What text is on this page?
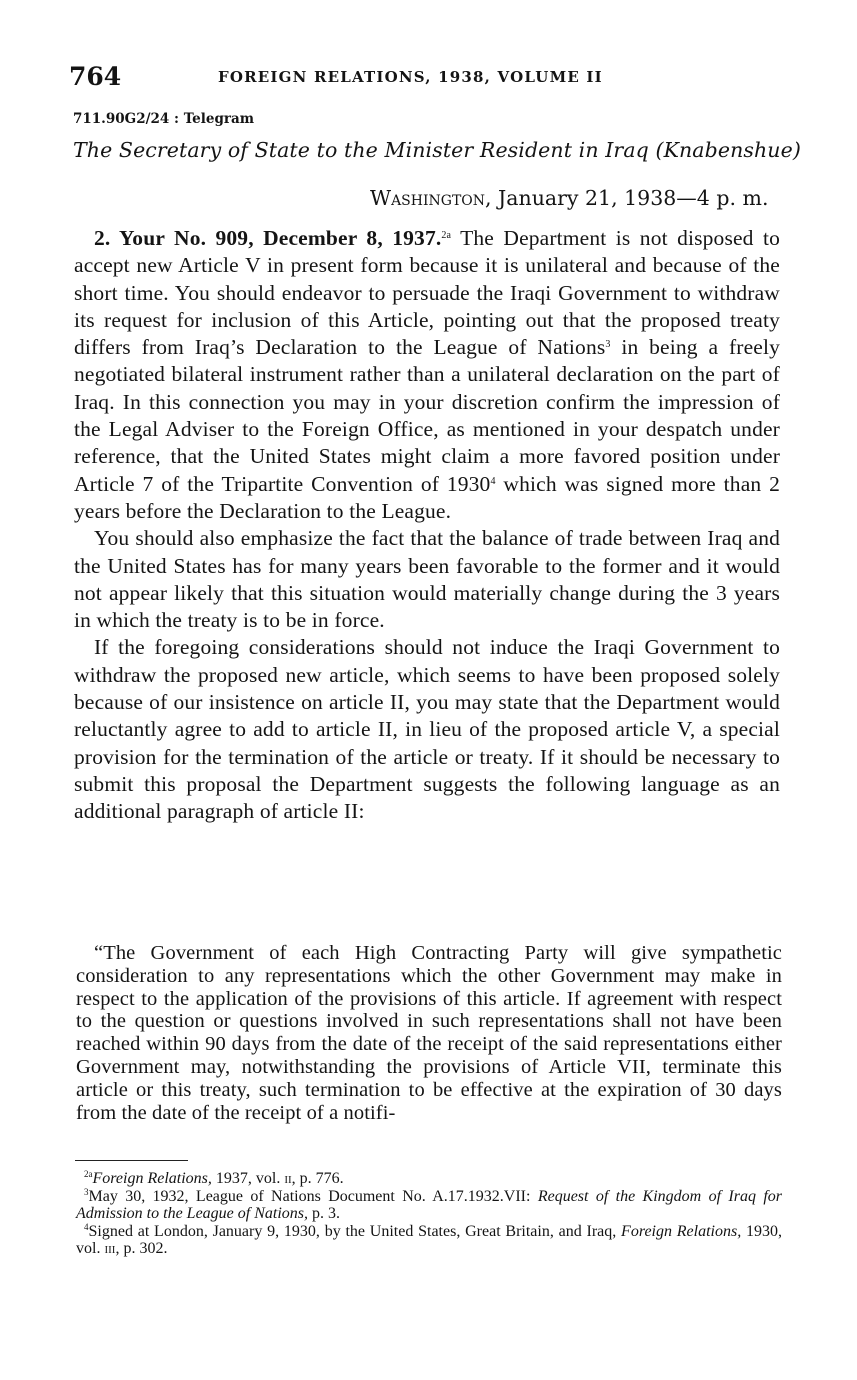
764	FOREIGN RELATIONS, 1938, VOLUME II
711.90G2/24 : Telegram
The Secretary of State to the Minister Resident in Iraq (Knabenshue)
Washington, January 21, 1938—4 p. m.

2. Your No. 909, December 8, 1937.$^{2a}$ The Department is not disposed to accept new Article V in present form because it is unilateral and because of the short time. You should endeavor to persuade the Iraqi Government to withdraw its request for inclusion of this Article, pointing out that the proposed treaty differs from Iraq’s Declaration to the League of Nations$^3$ in being a freely negotiated bilateral instrument rather than a unilateral declaration on the part of Iraq. In this connection you may in your discretion confirm the impression of the Legal Adviser to the Foreign Office, as mentioned in your despatch under reference, that the United States might claim a more favored position under Article 7 of the Tripartite Convention of 1930$^4$ which was signed more than 2 years before the Declaration to the League.

You should also emphasize the fact that the balance of trade between Iraq and the United States has for many years been favorable to the former and it would not appear likely that this situation would materially change during the 3 years in which the treaty is to be in force.

If the foregoing considerations should not induce the Iraqi Government to withdraw the proposed new article, which seems to have been proposed solely because of our insistence on article II, you may state that the Department would reluctantly agree to add to article II, in lieu of the proposed article V, a special provision for the termination of the article or treaty. If it should be necessary to submit this proposal the Department suggests the following language as an additional paragraph of article II:

“The Government of each High Contracting Party will give sympathetic consideration to any representations which the other Government may make in respect to the application of the provisions of this article. If agreement with respect to the question or questions involved in such representations shall not have been reached within 90 days from the date of the receipt of the said representations either Government may, notwithstanding the provisions of Article VII, terminate this article or this treaty, such termination to be effective at the expiration of 30 days from the date of the receipt of a notifi-

$^{2a}$Foreign Relations, 1937, vol. ii, p. 776.

$^3$May 30, 1932, League of Nations Document No. A.17.1932.VII: Request of the Kingdom of Iraq for Admission to the League of Nations, p. 3.

$^4$Signed at London, January 9, 1930, by the United States, Great Britain, and Iraq, Foreign Relations, 1930, vol. iii, p. 302.
